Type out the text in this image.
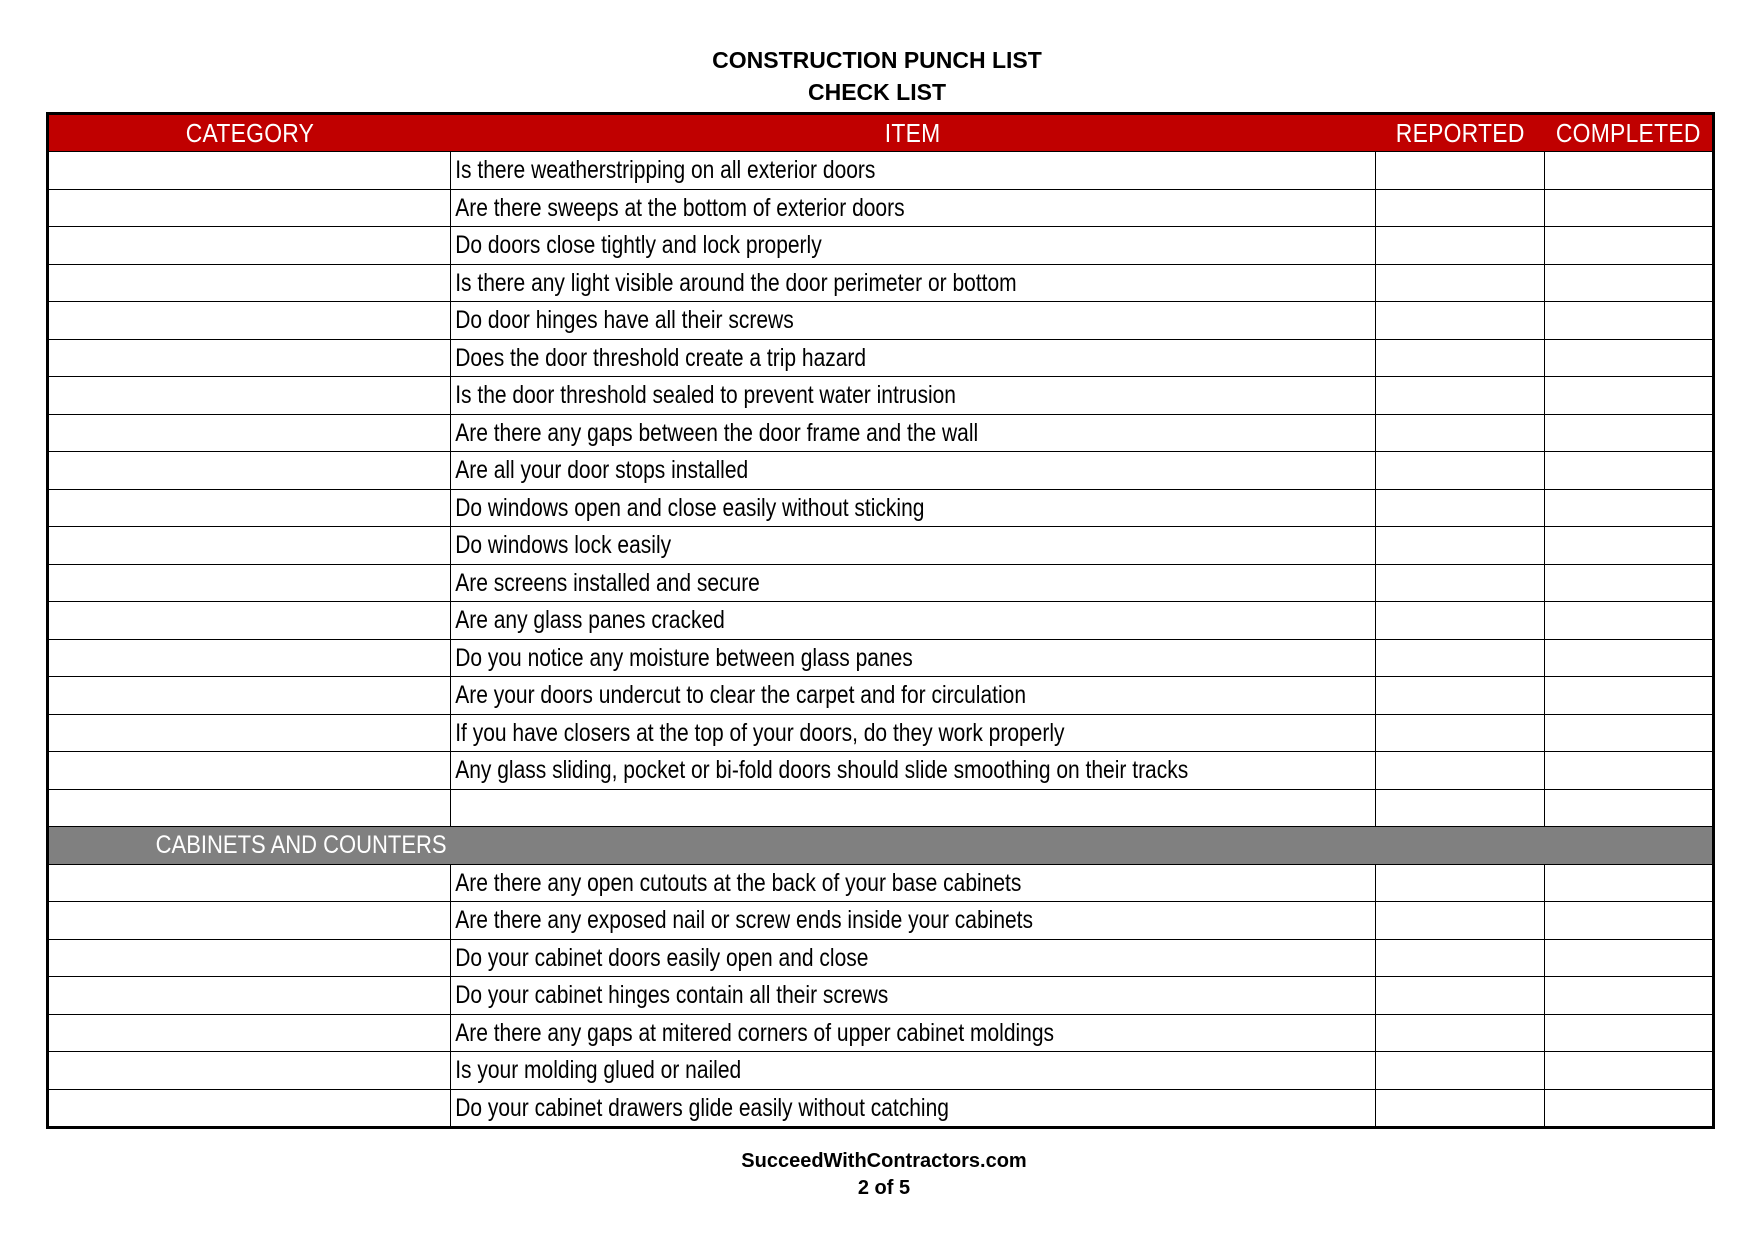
CONSTRUCTION PUNCH LIST
CHECK LIST
CATEGORY	ITEM	REPORTED	COMPLETED
	Is there weatherstripping on all exterior doors		
	Are there sweeps at the bottom of exterior doors		
	Do doors close tightly and lock properly		
	Is there any light visible around the door perimeter or bottom		
	Do door hinges have all their screws		
	Does the door threshold create a trip hazard		
	Is the door threshold sealed to prevent water intrusion		
	Are there any gaps between the door frame and the wall		
	Are all your door stops installed		
	Do windows open and close easily without sticking		
	Do windows lock easily		
	Are screens installed and secure		
	Are any glass panes cracked		
	Do you notice any moisture between glass panes		
	Are your doors undercut to clear the carpet and for circulation		
	If you have closers at the top of your doors, do they work properly		
	Any glass sliding, pocket or bi-fold doors should slide smoothing on their tracks		

CABINETS AND COUNTERS			
	Are there any open cutouts at the back of your base cabinets		
	Are there any exposed nail or screw ends inside your cabinets		
	Do your cabinet doors easily open and close		
	Do your cabinet hinges contain all their screws		
	Are there any gaps at mitered corners of upper cabinet moldings		
	Is your molding glued or nailed		
	Do your cabinet drawers glide easily without catching		
SucceedWithContractors.com
2 of 5
